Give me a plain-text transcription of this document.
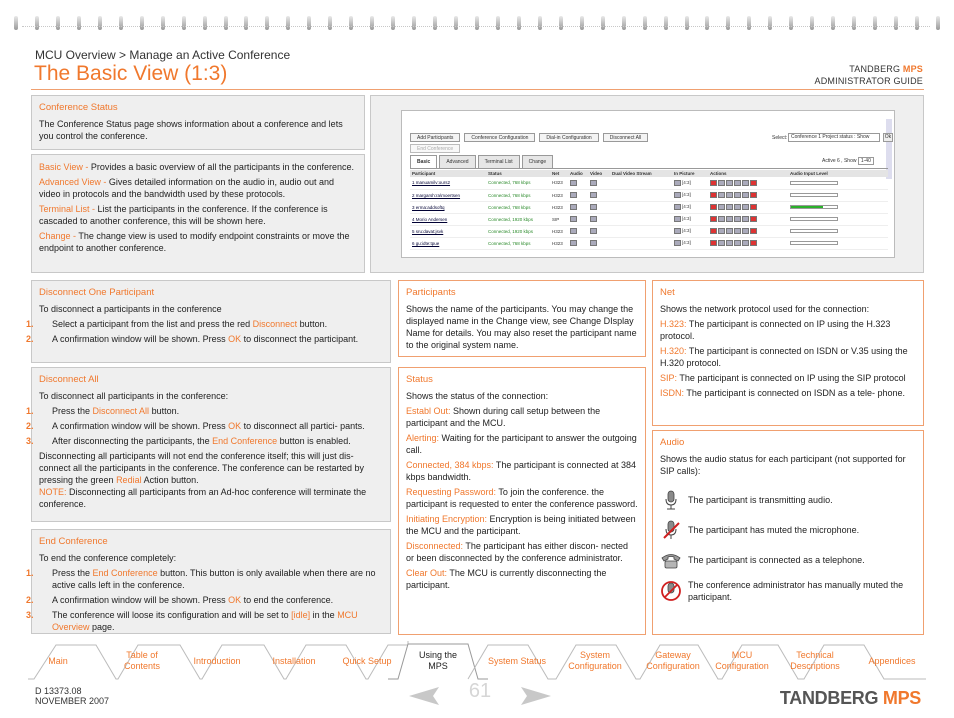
MCU Overview > Manage an Active Conference
The Basic View (1:3)	TANDBERG MPS
ADMINISTRATOR GUIDE
Conference Status

The Conference Status page shows information about a conference and lets you control the conference.

Basic View - Provides a basic overview of all the participants in the conference.

Advanced View - Gives detailed information on the audio in, audio out and video in protocols and the bandwidth used by these protocols.

Terminal List - List the participants in the conference. If the conference is cascaded to another conference, this will be shown here.

Change - The change view is used to modify endpoint constraints or move the endpoint to another conference.

Add Participants	Conference Configuration	Dial-in Configuration	Disconnect All	Select: Conference 1 Project status : Show	Ok
End Conference
Basic	Advanced	Terminal List	Change	Active 6 , Show 1-40
Participant	Status	Net	Audio	Video	Dual Video Stream	In Picture	Actions	Audio Input Level
1 manuamilv:ours2	Connected, 768 kbps	H323				[4:3]		

2 margarsh:ra\moertsen	Connected, 768 kbps	H323				[4:3]		

3 erma:addsoftq	Connected, 768 kbps	H323				[4:3]		

4 Morio Andersen	Connected, 1920 kbps	SIP				[4:3]		

5 sru:davat:jsvk	Connected, 1920 kbps	H323				[4:3]		

6 gu:idte:tpue	Connected, 768 kbps	H323				[4:3]		
Disconnect One Participant

To disconnect a participants in the conference

1. Select a participant from the list and press the red Disconnect button.
2. A confirmation window will be shown. Press OK to disconnect the participant.
Disconnect All

To disconnect all participants in the conference:

1. Press the Disconnect All button.
2. A confirmation window will be shown. Press OK to disconnect all partici- pants.
3. After disconnecting the participants, the End Conference button is enabled.

Disconnecting all participants will not end the conference itself; this will just dis- connect all the participants in the conference. The conference can be restarted by pressing the green Redial Action button.

NOTE: Disconnecting all participants from an Ad-hoc conference will terminate the conference.

End Conference

To end the conference completely:

1. Press the End Conference button. This button is only available when there are no active calls left in the conference.
2. A confirmation window will be shown. Press OK to end the conference.
3. The conference will loose its configuration and will be set to [idle] in the MCU Overview page.
Participants

Shows the name of the participants. You may change the displayed name in the Change view, see Change DIsplay Name for details. You may also reset the participant name to the original system name.

Status

Shows the status of the connection:

Establ Out: Shown during call setup between the participant and the MCU.

Alerting: Waiting for the participant to answer the outgoing call.

Connected, 384 kbps: The participant is connected at 384 kbps bandwidth.

Requesting Password: To join the conference. the participant is requested to enter the conference password.

Initiating Encryption: Encryption is being initiated between the MCU and the participant.

Disconnected: The participant has either discon- nected or been disconnected by the conference administrator.

Clear Out: The MCU is currently disconnecting the participant.

Net

Shows the network protocol used for the connection:

H.323: The participant is connected on IP using the H.323 protocol.

H.320: The participant is connected on ISDN or V.35 using the H.320 protocol.

SIP: The participant is connected on IP using the SIP protocol

ISDN: The participant is connected on ISDN as a tele- phone.

Audio

Shows the audio status for each participant (not supported for SIP calls):

The participant is transmitting audio.
The participant has muted the microphone.
The participant is connected as a telephone.
The conference administrator has manually muted the participant.
Main
Table of Contents
Introduction	Installation	Quick Setup
Using the MPS
System Status
System Configuration
Gateway Configuration
MCU Configuration
Technical Descriptions
Appendices
D 13373.08
NOVEMBER 2007	61	TANDBERG MPS
